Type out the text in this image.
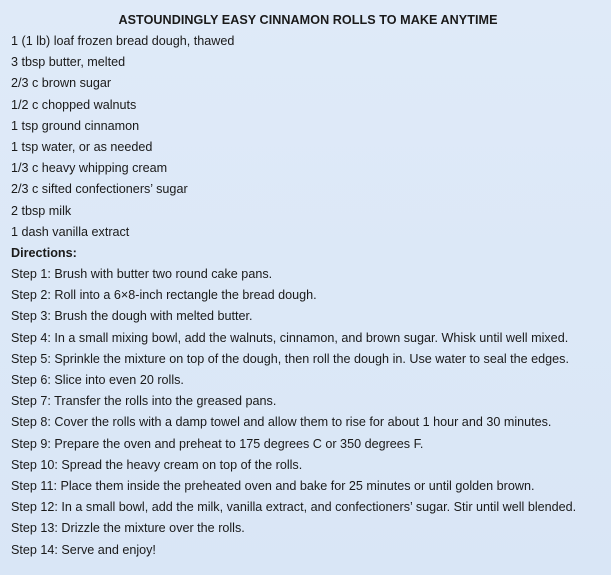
ASTOUNDINGLY EASY CINNAMON ROLLS TO MAKE ANYTIME
1 (1 lb) loaf frozen bread dough, thawed
3 tbsp butter, melted
2/3 c brown sugar
1/2 c chopped walnuts
1 tsp ground cinnamon
1 tsp water, or as needed
1/3 c heavy whipping cream
2/3 c sifted confectioners’ sugar
2 tbsp milk
1 dash vanilla extract
Directions:
Step 1: Brush with butter two round cake pans.
Step 2: Roll into a 6×8-inch rectangle the bread dough.
Step 3: Brush the dough with melted butter.
Step 4: In a small mixing bowl, add the walnuts, cinnamon, and brown sugar. Whisk until well mixed.
Step 5: Sprinkle the mixture on top of the dough, then roll the dough in. Use water to seal the edges.
Step 6: Slice into even 20 rolls.
Step 7: Transfer the rolls into the greased pans.
Step 8: Cover the rolls with a damp towel and allow them to rise for about 1 hour and 30 minutes.
Step 9: Prepare the oven and preheat to 175 degrees C or 350 degrees F.
Step 10: Spread the heavy cream on top of the rolls.
Step 11: Place them inside the preheated oven and bake for 25 minutes or until golden brown.
Step 12: In a small bowl, add the milk, vanilla extract, and confectioners’ sugar. Stir until well blended.
Step 13: Drizzle the mixture over the rolls.
Step 14: Serve and enjoy!
